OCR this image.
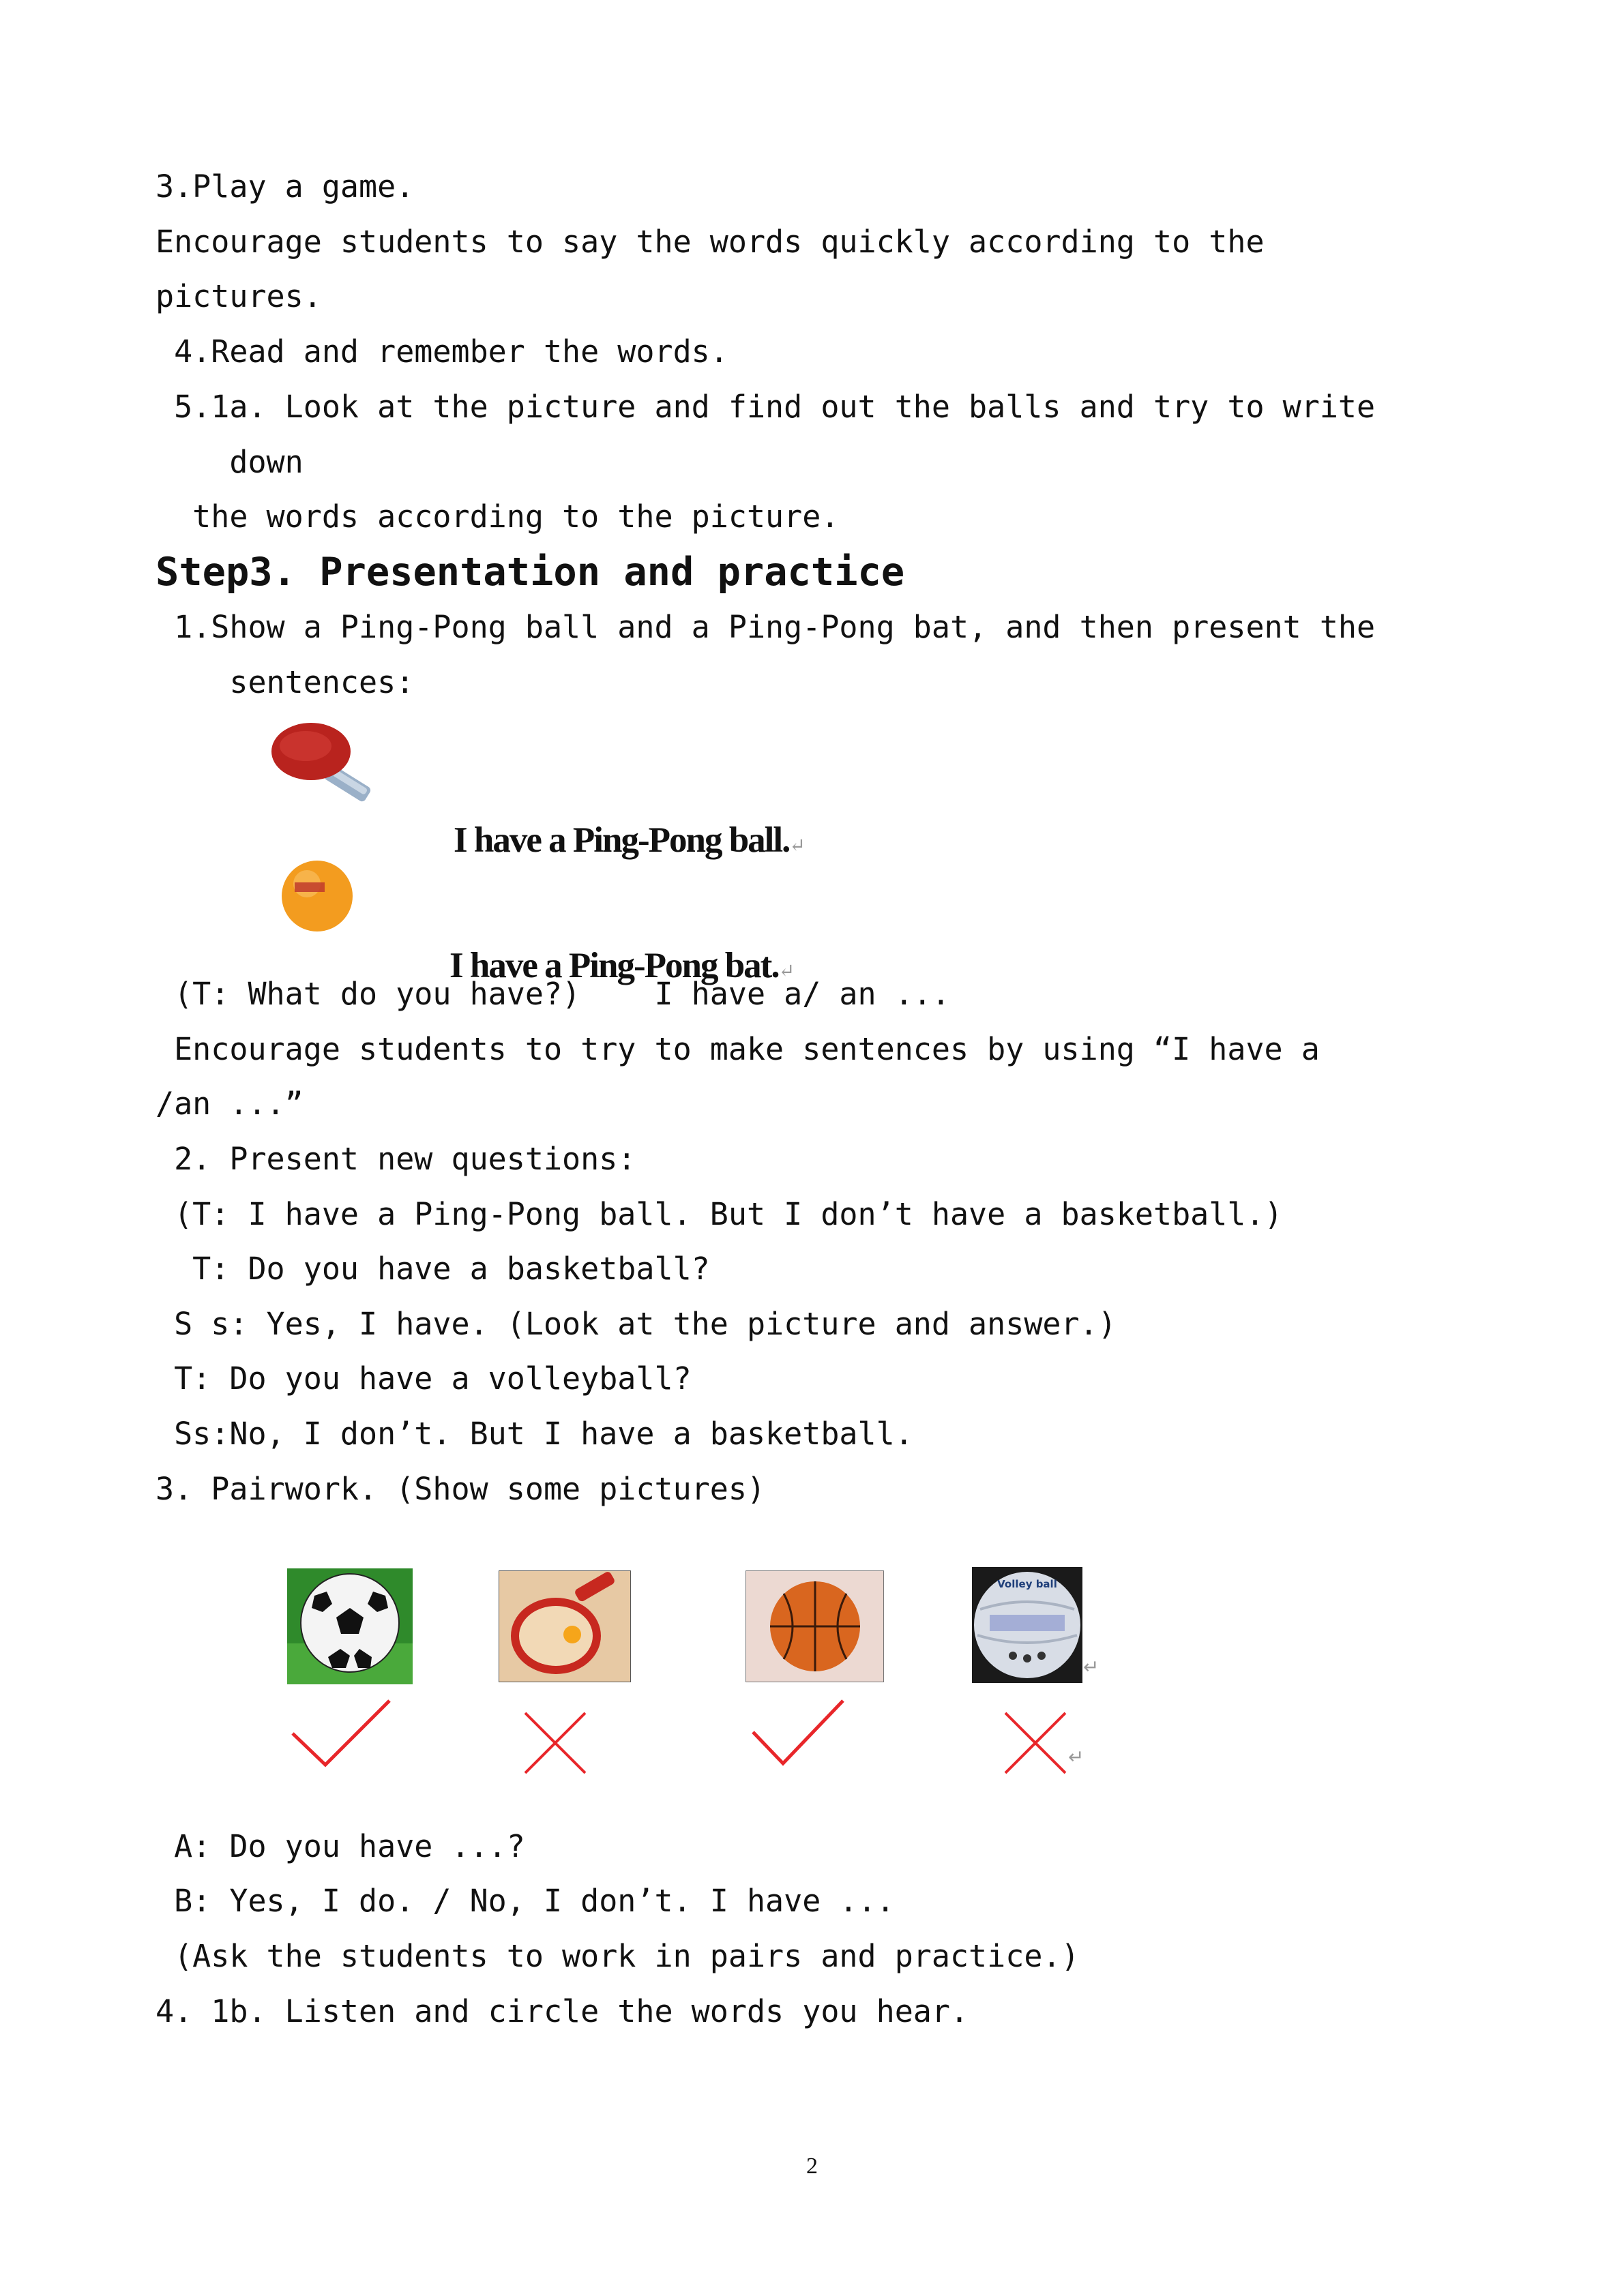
3.Play a game.
Encourage students to say the words quickly according to the
pictures.
4.Read and remember the words.
5.1a. Look at the picture and find out the balls and try to write
down
the words according to the picture.
Step3. Presentation and practice
1.Show a Ping-Pong ball and a Ping-Pong bat, and then present the
sentences:

I have a Ping-Pong ball.↵

I have a Ping-Pong bat.↵

(T: What do you have?)    I have a/ an ...
Encourage students to try to make sentences by using “I have a
/an ...”
2. Present new questions:
(T: I have a Ping-Pong ball. But I don’t have a basketball.)
T: Do you have a basketball?
S s: Yes, I have. (Look at the picture and answer.)
T: Do you have a volleyball?
Ss:No, I don’t. But I have a basketball.
3. Pairwork. (Show some pictures)
Volley ball
↵
↵
A: Do you have ...?
B: Yes, I do. / No, I don’t. I have ...
(Ask the students to work in pairs and practice.)
4. 1b. Listen and circle the words you hear.
2
